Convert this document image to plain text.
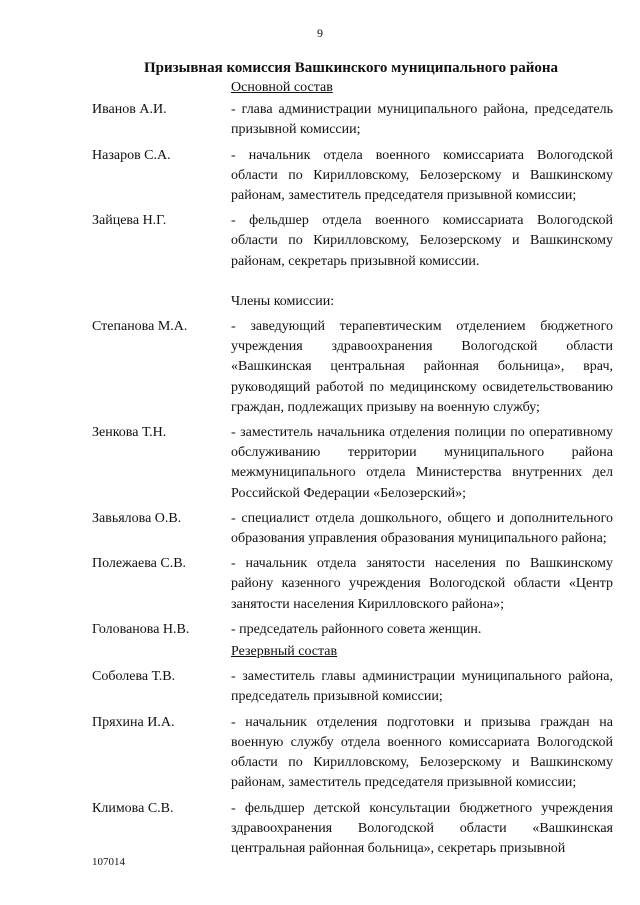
9
Призывная комиссия Вашкинского муниципального района
Основной состав
Иванов А.И.	- глава администрации муниципального района, председатель призывной комиссии;
Назаров С.А.	- начальник отдела военного комиссариата Вологодской области по Кирилловскому, Белозерскому и Вашкинскому районам, заместитель председателя призывной комиссии;
Зайцева Н.Г.	- фельдшер отдела военного комиссариата Вологодской области по Кирилловскому, Белозерскому и Вашкинскому районам, секретарь призывной комиссии.
Члены комиссии:
Степанова М.А.	- заведующий терапевтическим отделением бюджетного учреждения здравоохранения Вологодской области «Вашкинская центральная районная больница», врач, руководящий работой по медицинскому освидетельствованию граждан, подлежащих призыву на военную службу;
Зенкова Т.Н.	- заместитель начальника отделения полиции по оперативному обслуживанию территории муниципального района межмуниципального отдела Министерства внутренних дел Российской Федерации «Белозерский»;
Завьялова О.В.	- специалист отдела дошкольного, общего и дополнительного образования управления образования муниципального района;
Полежаева С.В.	- начальник отдела занятости населения по Вашкинскому району казенного учреждения Вологодской области «Центр занятости населения Кирилловского района»;
Голованова Н.В.	- председатель районного совета женщин.
Резервный состав
Соболева Т.В.	- заместитель главы администрации муниципального района, председатель призывной комиссии;
Пряхина И.А.	- начальник отделения подготовки и призыва граждан на военную службу отдела военного комиссариата Вологодской области по Кирилловскому, Белозерскому и Вашкинскому районам, заместитель председателя призывной комиссии;
Климова С.В.	- фельдшер детской консультации бюджетного учреждения здравоохранения Вологодской области «Вашкинская центральная районная больница», секретарь призывной
107014
